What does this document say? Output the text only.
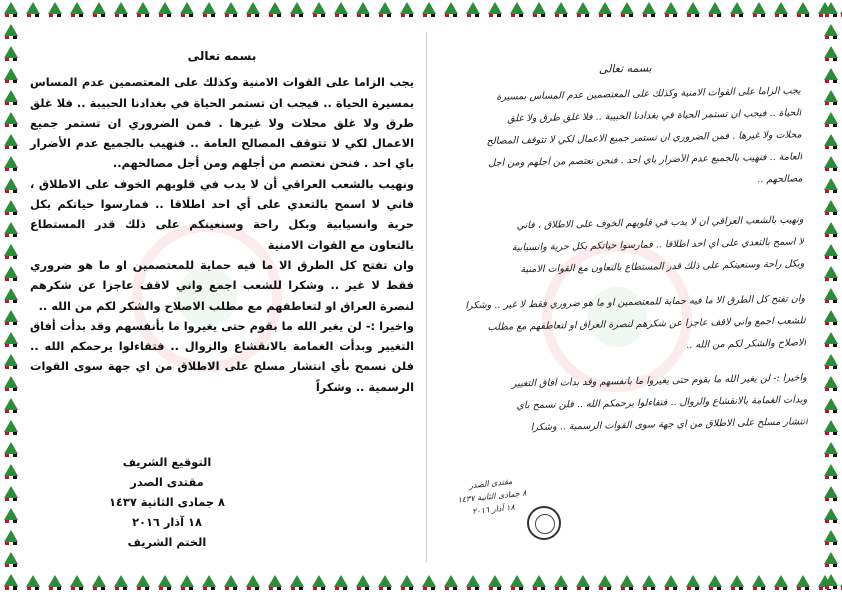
بسمه تعالى

يجب الزاما على القوات الامنية وكذلك على المعتصمين عدم المساس بمسيرة الحياة .. فيجب ان تستمر الحياة في بغدادنا الحبيبة .. فلا غلق طرق ولا غلق محلات ولا غيرها . فمن الضروري ان تستمر جميع الاعمال لكي لا تتوقف المصالح العامة .. فنهيب بالجميع عدم الأضرار باي احد . فنحن نعتصم من أجلهم ومن أجل مصالحهم..

ونهيب بالشعب العراقي أن لا يدب في قلوبهم الخوف على الاطلاق ، فاني لا اسمح بالتعدي على أي احد اطلاقا .. فمارسوا حياتكم بكل حرية وانسيابية وبكل راحة وسنعينكم على ذلك قدر المستطاع بالتعاون مع القوات الامنية

وان تفتح كل الطرق الا ما فيه حماية للمعتصمين او ما هو ضروري فقط لا غير .. وشكرا للشعب اجمع واني لاقف عاجزا عن شكرهم لنصرة العراق او لتعاطفهم مع مطلب الاصلاح والشكر لكم من الله ..

واخيرا :- لن يغير الله ما بقوم حتى يغيروا ما بأنفسهم وقد بدأت أفاق التغيير وبدأت الغمامة بالانقشاع والزوال .. فتفاءلوا يرحمكم الله .. فلن نسمح بأي انتشار مسلح على الاطلاق من اي جهة سوى القوات الرسمية .. وشكراً

التوقيع الشريف
مقتدى الصدر
٨ جمادى الثانية ١٤٣٧
١٨ آذار ٢٠١٦
الختم الشريف
بسمه تعالى
يجب الزاما على القوات الامنية وكذلك على المعتصمين عدم المساس بمسيرة
الحياة .. فيجب ان تستمر الحياة في بغدادنا الحبيبة .. فلا غلق طرق ولا غلق
محلات ولا غيرها . فمن الضروري ان تستمر جميع الاعمال لكي لا تتوقف المصالح
العامة .. فنهيب بالجميع عدم الأضرار باي احد . فنحن نعتصم من أجلهم ومن أجل
مصالحهم ..
ونهيب بالشعب العراقي أن لا يدب في قلوبهم الخوف على الاطلاق ، فاني
لا اسمح بالتعدي على أي احد اطلاقا .. فمارسوا حياتكم بكل حرية وانسيابية
وبكل راحة وسنعينكم على ذلك قدر المستطاع بالتعاون مع القوات الامنية
وان تفتح كل الطرق الا ما فيه حماية للمعتصمين او ما هو ضروري فقط لا غير .. وشكرا
للشعب اجمع واني لاقف عاجزا عن شكرهم لنصرة العراق او لتعاطفهم مع مطلب
الاصلاح والشكر لكم من الله ..
واخيرا :- لن يغير الله ما بقوم حتى يغيروا ما بأنفسهم وقد بدأت أفاق التغيير
وبدأت الغمامة بالانقشاع والزوال .. فتفاءلوا يرحمكم الله .. فلن نسمح بأي
انتشار مسلح على الاطلاق من اي جهة سوى القوات الرسمية .. وشكراً
مقتدى الصدر
٨ جمادى الثانية ١٤٣٧
١٨ آذار ٢٠١٦
